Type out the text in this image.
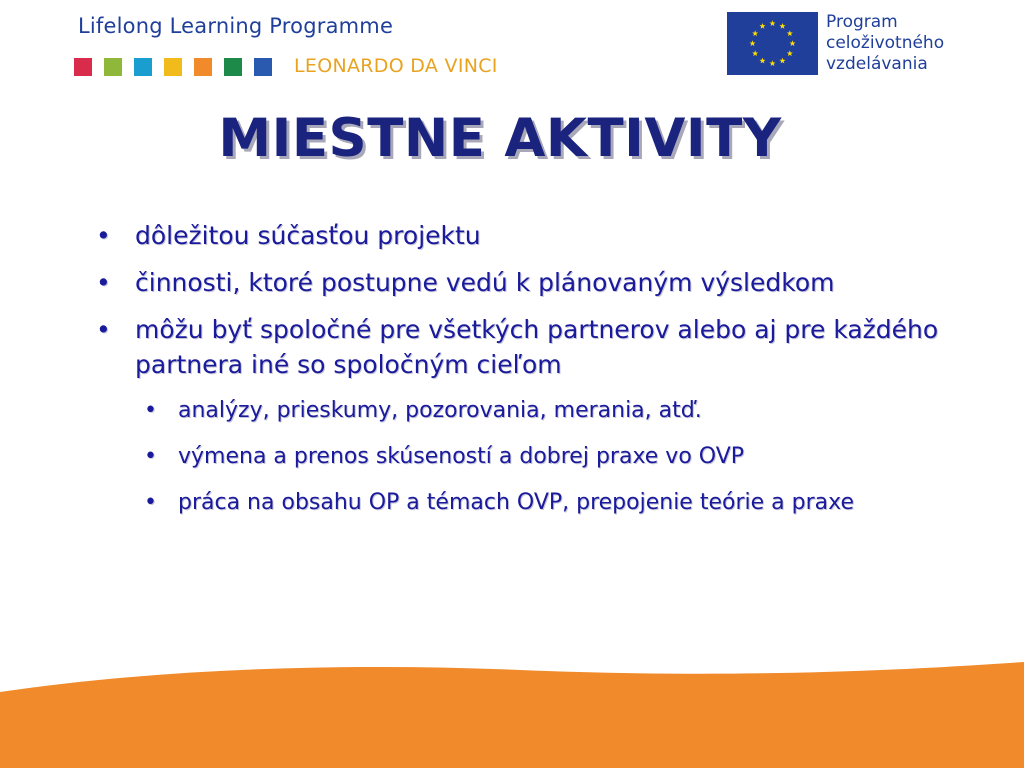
Lifelong Learning Programme
LEONARDO DA VINCI
Program
celoživotného
vzdelávania
MIESTNE AKTIVITY
• dôležitou súčasťou projektu
• činnosti, ktoré postupne vedú k plánovaným výsledkom
• môžu byť spoločné pre všetkých partnerov alebo aj pre každého partnera iné so spoločným cieľom
• analýzy, prieskumy, pozorovania, merania, atď.
• výmena a prenos skúseností a dobrej praxe vo OVP
• práca na obsahu OP a témach OVP, prepojenie teórie a praxe
